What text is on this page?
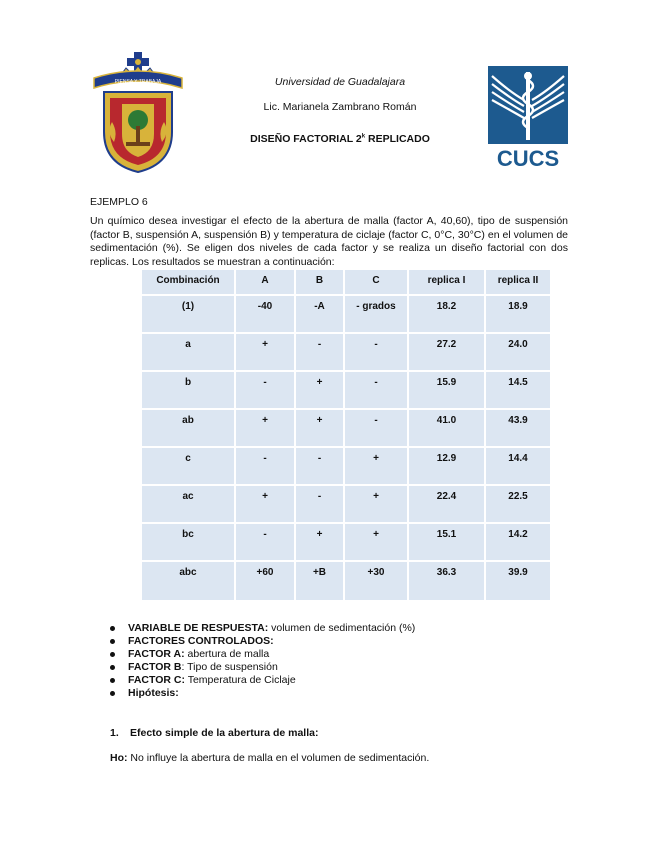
PIENSA Y TRABAJA	Universidad de Guadalajara
Lic. Marianela Zambrano Román
DISEÑO FACTORIAL 2$^k$ REPLICADO
CUCS
EJEMPLO 6
Un químico desea investigar el efecto de la abertura de malla (factor A, 40,60), tipo de suspensión (factor B, suspensión A, suspensión B) y temperatura de ciclaje (factor C, 0°C, 30°C) en el volumen de sedimentación (%). Se eligen dos niveles de cada factor y se realiza un diseño factorial con dos replicas. Los resultados se muestran a continuación:
Combinación	A	B	C	replica I	replica II
(1)	-40	-A	- grados	18.2	18.9
a	+	-	-	27.2	24.0
b	-	+	-	15.9	14.5
ab	+	+	-	41.0	43.9
c	-	-	+	12.9	14.4
ac	+	-	+	22.4	22.5
bc	-	+	+	15.1	14.2
abc	+60	+B	+30	36.3	39.9
VARIABLE DE RESPUESTA: volumen de sedimentación (%)
FACTORES CONTROLADOS:
FACTOR A: abertura de malla
FACTOR B: Tipo de suspensión
FACTOR C: Temperatura de Ciclaje
Hipótesis:
1. Efecto simple de la abertura de malla:
Ho: No influye la abertura de malla en el volumen de sedimentación.
